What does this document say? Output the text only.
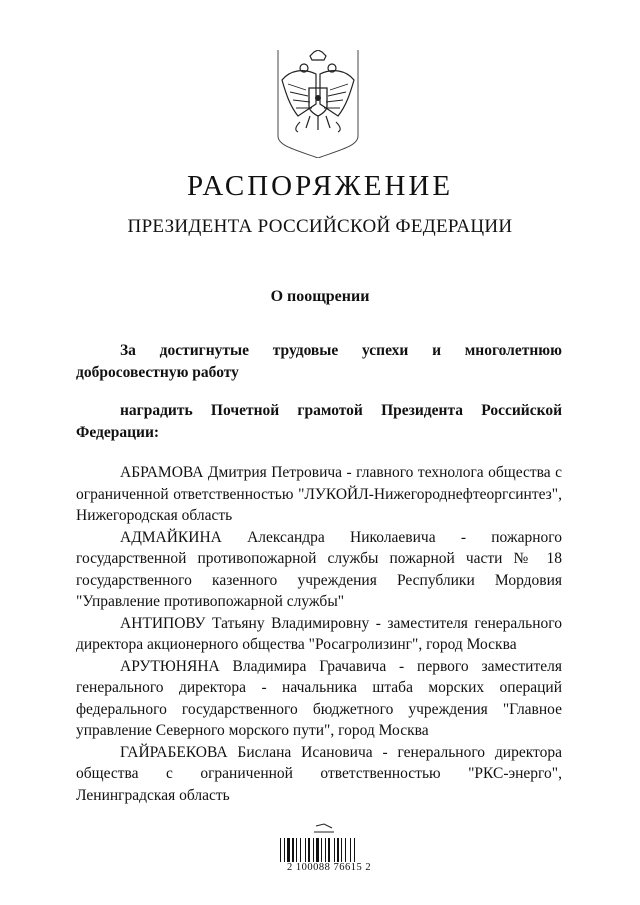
РАСПОРЯЖЕНИЕ
ПРЕЗИДЕНТА РОССИЙСКОЙ ФЕДЕРАЦИИ
О поощрении
За достигнутые трудовые успехи и многолетнюю добросовестную работу
наградить Почетной грамотой Президента Российской Федерации:

АБРАМОВА Дмитрия Петровича - главного технолога общества с ограниченной ответственностью "ЛУКОЙЛ-Нижегороднефтеоргсинтез", Нижегородская область

АДМАЙКИНА Александра Николаевича - пожарного государственной противопожарной службы пожарной части № 18 государственного казенного учреждения Республики Мордовия "Управление противопожарной службы"

АНТИПОВУ Татьяну Владимировну - заместителя генерального директора акционерного общества "Росагролизинг", город Москва

АРУТЮНЯНА Владимира Грачавича - первого заместителя генерального директора - начальника штаба морских операций федерального государственного бюджетного учреждения "Главное управление Северного морского пути", город Москва

ГАЙРАБЕКОВА Бислана Исановича - генерального директора общества с ограниченной ответственностью "РКС-энерго", Ленинградская область

2 100088 76615 2
